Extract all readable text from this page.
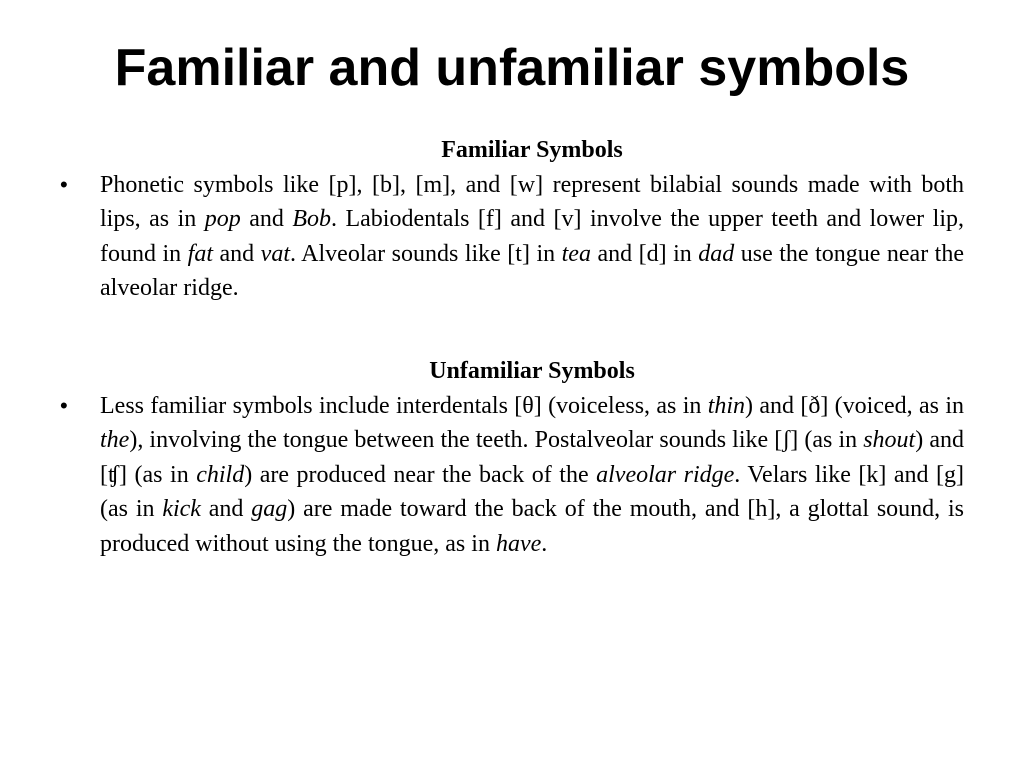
Familiar and unfamiliar symbols
Familiar Symbols
•	Phonetic symbols like [p], [b], [m], and [w] represent bilabial sounds made with both lips, as in pop and Bob. Labiodentals [f] and [v] involve the upper teeth and lower lip, found in fat and vat. Alveolar sounds like [t] in tea and [d] in dad use the tongue near the alveolar ridge.

Unfamiliar Symbols
•	Less familiar symbols include interdentals [θ] (voiceless, as in thin) and [ð] (voiced, as in the), involving the tongue between the teeth. Postalveolar sounds like [ʃ] (as in shout) and [ʧ] (as in child) are produced near the back of the alveolar ridge. Velars like [k] and [g] (as in kick and gag) are made toward the back of the mouth, and [h], a glottal sound, is produced without using the tongue, as in have.
